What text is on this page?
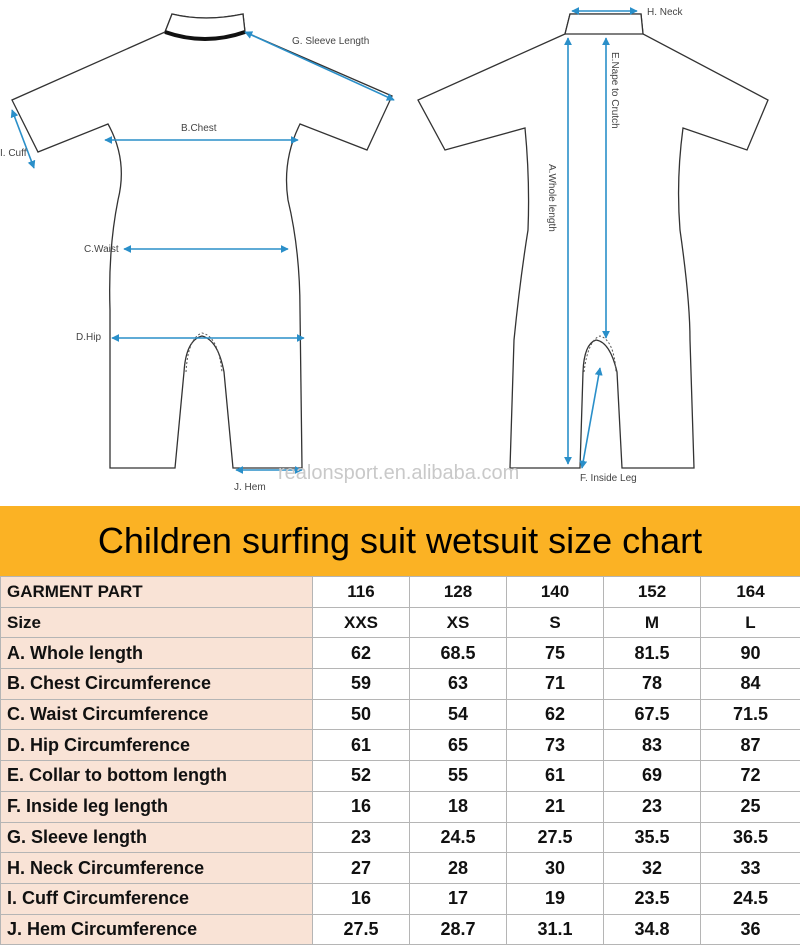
G. Sleeve Length
I. Cuff
B.Chest
C.Waist
D.Hip
J. Hem
H. Neck
F. Inside Leg
E.Nape to Crutch
A.Whole length
realonsport.en.alibaba.com
Children surfing suit wetsuit size chart
GARMENT PART	116	128	140	152	164
Size	XXS	XS	S	M	L
A. Whole length	62	68.5	75	81.5	90
B. Chest Circumference	59	63	71	78	84
C. Waist Circumference	50	54	62	67.5	71.5
D. Hip Circumference	61	65	73	83	87
E. Collar to bottom length	52	55	61	69	72
F. Inside leg length	16	18	21	23	25
G. Sleeve length	23	24.5	27.5	35.5	36.5
H. Neck Circumference	27	28	30	32	33
I. Cuff Circumference	16	17	19	23.5	24.5
J. Hem Circumference	27.5	28.7	31.1	34.8	36
